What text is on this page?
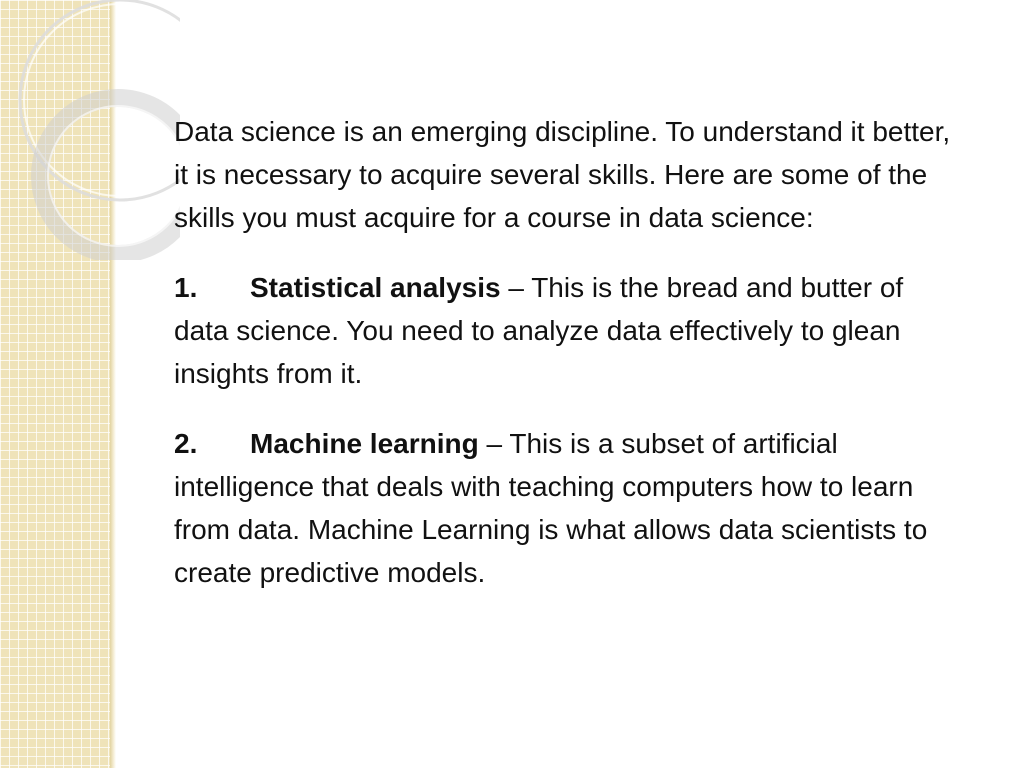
Data science is an emerging discipline. To understand it better, it is necessary to acquire several skills. Here are some of the skills you must acquire for a course in data science:

1. Statistical analysis – This is the bread and butter of data science. You need to analyze data effectively to glean insights from it.

2. Machine learning – This is a subset of artificial intelligence that deals with teaching computers how to learn from data. Machine Learning is what allows data scientists to create predictive models.
